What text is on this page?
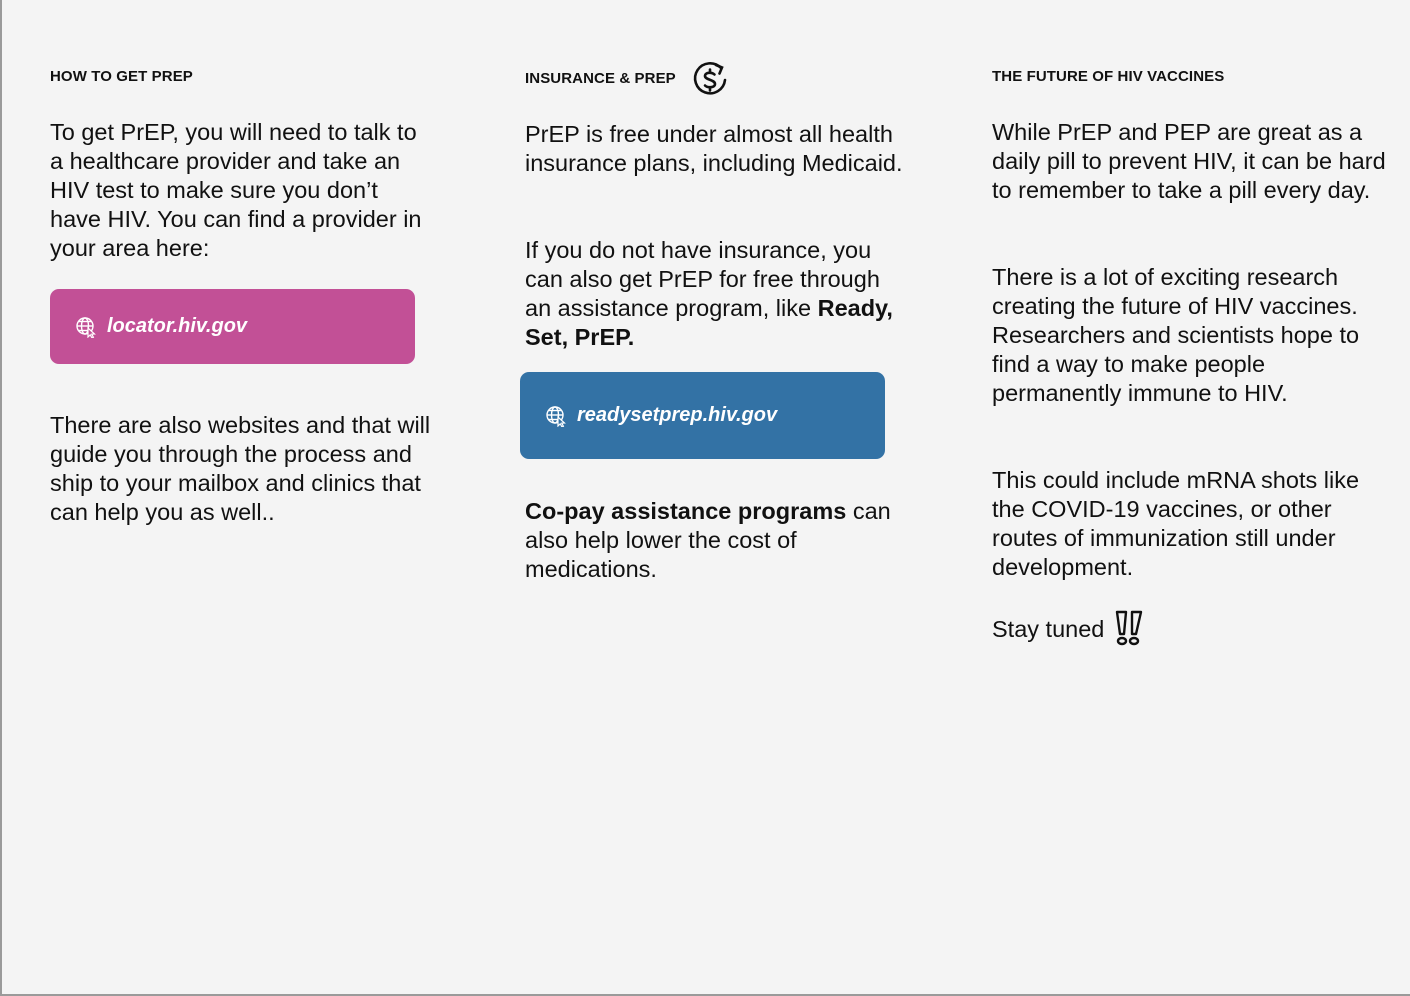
HOW TO GET PREP

To get PrEP, you will need to talk to a healthcare provider and take an HIV test to make sure you don’t have HIV. You can find a provider in your area here:

locator.hiv.gov

There are also websites and that will guide you through the process and ship to your mailbox and clinics that can help you as well..

INSURANCE & PREP

PrEP is free under almost all health insurance plans, including Medicaid.

If you do not have insurance, you can also get PrEP for free through an assistance program, like Ready, Set, PrEP.

readysetprep.hiv.gov

Co-pay assistance programs can also help lower the cost of medications.

THE FUTURE OF HIV VACCINES

While PrEP and PEP are great as a daily pill to prevent HIV, it can be hard to remember to take a pill every day.

There is a lot of exciting research creating the future of HIV vaccines. Researchers and scientists hope to find a way to make people permanently immune to HIV.

This could include mRNA shots like the COVID-19 vaccines, or other routes of immunization still under development.

Stay tuned
